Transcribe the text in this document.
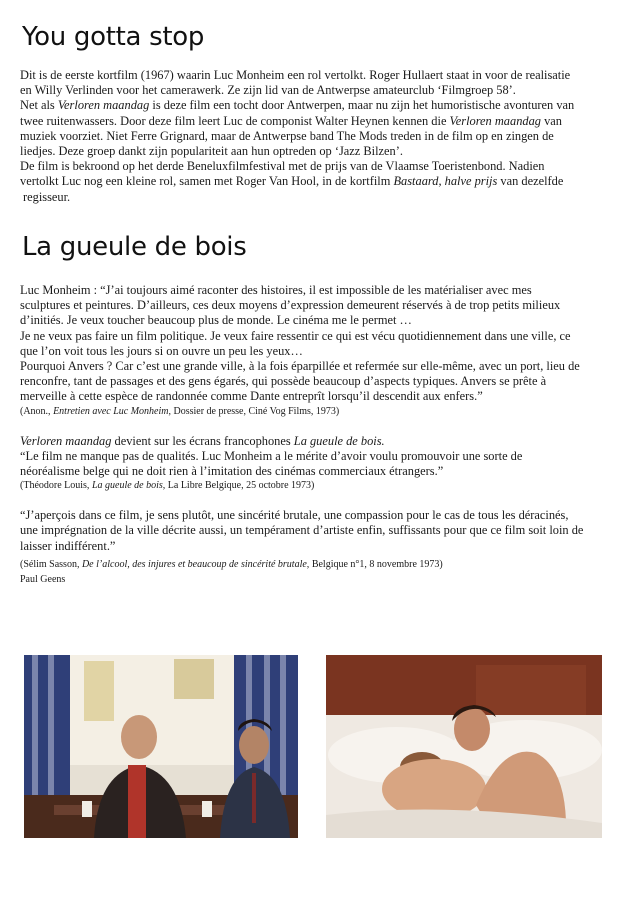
You gotta stop

Dit is de eerste kortfilm (1967) waarin Luc Monheim een rol vertolkt. Roger Hullaert staat in voor de realisatie

en Willy Verlinden voor het camerawerk. Ze zijn lid van de Antwerpse amateurclub ‘Filmgroep 58’.

Net als Verloren maandag is deze film een tocht door Antwerpen, maar nu zijn het humoristische avonturen van

twee ruitenwassers. Door deze film leert Luc de componist Walter Heynen kennen die Verloren maandag van

muziek voorziet. Niet Ferre Grignard, maar de Antwerpse band The Mods treden in de film op en zingen de

liedjes. Deze groep dankt zijn populariteit aan hun optreden op ‘Jazz Bilzen’.

De film is bekroond op het derde Beneluxfilmfestival met de prijs van de Vlaamse Toeristenbond. Nadien

vertolkt Luc nog een kleine rol, samen met Roger Van Hool, in de kortfilm Bastaard, halve prijs van dezelfde

regisseur.

La gueule de bois

Luc Monheim : “J’ai toujours aimé raconter des histoires, il est impossible de les matérialiser avec mes

sculptures et peintures. D’ailleurs, ces deux moyens d’expression demeurent réservés à de trop petits milieux

d’initiés. Je veux toucher beaucoup plus de monde. Le cinéma me le permet …

Je ne veux pas faire un film politique. Je veux faire ressentir ce qui est vécu quotidiennement dans une ville, ce

que l’on voit tous les jours si on ouvre un peu les yeux…

Pourquoi Anvers ? Car c’est une grande ville, à la fois éparpillée et refermée sur elle-même, avec un port, lieu de

renconfre, tant de passages et des gens égarés, qui possède beaucoup d’aspects typiques. Anvers se prête à

merveille à cette espèce de randonnée comme Dante entreprît lorsqu’il descendit aux enfers.”

(Anon., Entretien avec Luc Monheim, Dossier de presse, Ciné Vog Films, 1973)

Verloren maandag devient sur les écrans francophones La gueule de bois.

“Le film ne manque pas de qualités. Luc Monheim a le mérite d’avoir voulu promouvoir une sorte de

néoréalisme belge qui ne doit rien à l’imitation des cinémas commerciaux étrangers.”

(Théodore Louis, La gueule de bois, La Libre Belgique, 25 octobre 1973)

“J’aperçois dans ce film, je sens plutôt, une sincérité brutale, une compassion pour le cas de tous les déracinés,

une imprégnation de la ville décrite aussi, un tempérament d’artiste enfin, suffissants pour que ce film soit loin de

laisser indifférent.”

(Sélim Sasson, De l’alcool, des injures et beaucoup de sincérité brutale, Belgique n°1, 8 novembre 1973)

Paul Geens
